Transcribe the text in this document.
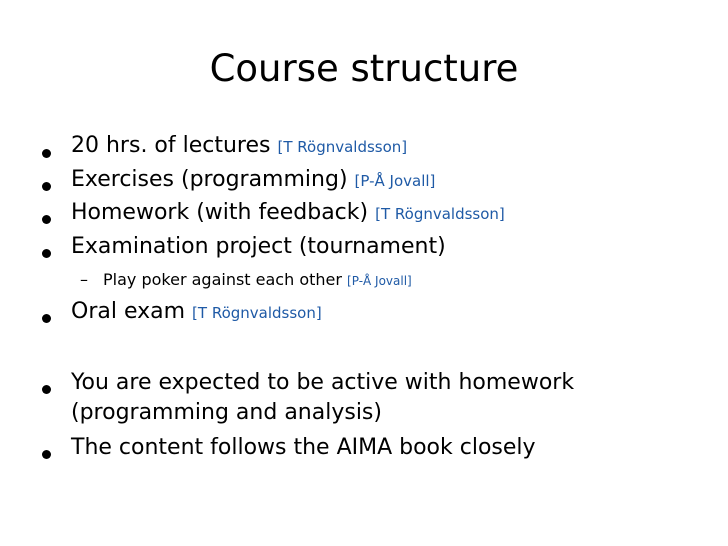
Course structure
20 hrs. of lectures [T Rögnvaldsson]
Exercises (programming) [P-Å Jovall]
Homework (with feedback) [T Rögnvaldsson]
Examination project (tournament)
– Play poker against each other [P-Å Jovall]
Oral exam [T Rögnvaldsson]
You are expected to be active with homework
(programming and analysis)
The content follows the AIMA book closely
